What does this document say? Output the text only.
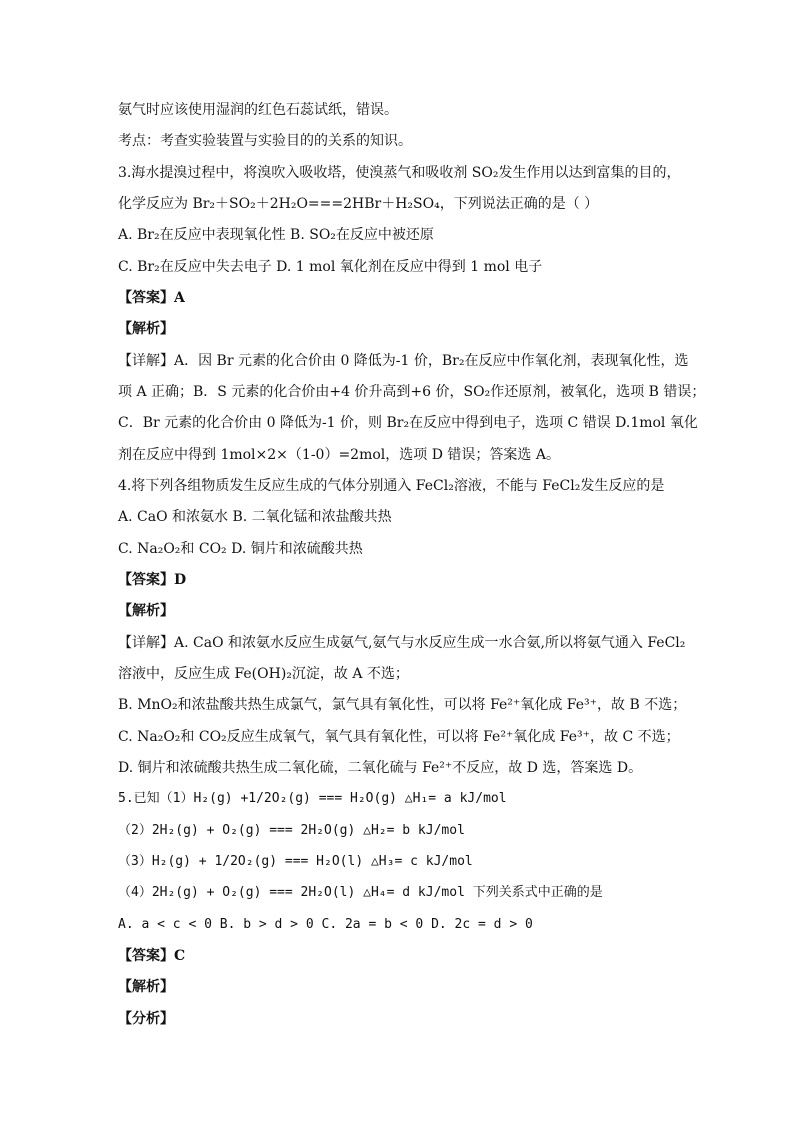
氨气时应该使用湿润的红色石蕊试纸，错误。
考点：考查实验装置与实验目的的关系的知识。
3.海水提溴过程中，将溴吹入吸收塔，使溴蒸气和吸收剂 SO₂发生作用以达到富集的目的，
化学反应为 Br₂＋SO₂＋2H₂O===2HBr＋H₂SO₄，下列说法正确的是（ ）
A. Br₂在反应中表现氧化性 B. SO₂在反应中被还原
C. Br₂在反应中失去电子 D. 1 mol 氧化剂在反应中得到 1 mol 电子
【答案】A
【解析】
【详解】A．因 Br 元素的化合价由 0 降低为-1 价，Br₂在反应中作氧化剂，表现氧化性，选
项 A 正确；B．S 元素的化合价由+4 价升高到+6 价，SO₂作还原剂，被氧化，选项 B 错误；
C．Br 元素的化合价由 0 降低为-1 价，则 Br₂在反应中得到电子，选项 C 错误 D.1mol 氧化
剂在反应中得到 1mol×2×（1-0）=2mol，选项 D 错误；答案选 A。
4.将下列各组物质发生反应生成的气体分别通入 FeCl₂溶液，不能与 FeCl₂发生反应的是
A. CaO 和浓氨水 B. 二氧化锰和浓盐酸共热
C. Na₂O₂和 CO₂ D. 铜片和浓硫酸共热
【答案】D
【解析】
【详解】A. CaO 和浓氨水反应生成氨气,氨气与水反应生成一水合氨,所以将氨气通入 FeCl₂
溶液中，反应生成 Fe(OH)₂沉淀，故 A 不选；
B. MnO₂和浓盐酸共热生成氯气，氯气具有氧化性，可以将 Fe²⁺氧化成 Fe³⁺，故 B 不选；
C. Na₂O₂和 CO₂反应生成氧气，氧气具有氧化性，可以将 Fe²⁺氧化成 Fe³⁺，故 C 不选；
D. 铜片和浓硫酸共热生成二氧化硫，二氧化硫与 Fe²⁺不反应，故 D 选，答案选 D。
5.已知（1）H₂(g) +1/2O₂(g) === H₂O(g) △H₁= a kJ/mol
（2）2H₂(g) + O₂(g) === 2H₂O(g) △H₂= b kJ/mol
（3）H₂(g) + 1/2O₂(g) === H₂O(l) △H₃= c kJ/mol
（4）2H₂(g) + O₂(g) === 2H₂O(l) △H₄= d kJ/mol 下列关系式中正确的是
A. a < c < 0 B. b > d > 0 C. 2a = b < 0 D. 2c = d > 0
【答案】C
【解析】
【分析】
